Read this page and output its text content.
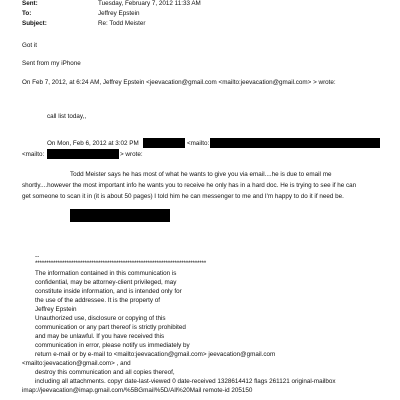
Sent:	Tuesday, February 7, 2012 11:33 AM
To:	Jeffrey Epstein
Subject:	Re: Todd Meister
Got it
Sent from my iPhone
On Feb 7, 2012, at 6:24 AM, Jeffrey Epstein <jeevacation@gmail.com <mailto:jeevacation@gmail.com> > wrote:
call list today,,
On Mon, Feb 6, 2012 at 3:02 PM	<mailto:
<mailto:	> wrote:
Todd Meister says he has most of what he wants to give you via email....he is due to email me
shortly....however the most important info he wants you to receive he only has in a hard doc. He is trying to see if he can
get someone to scan it in (it is about 50 pages) I told him he can messenger to me and I'm happy to do it if need be.
--
****************************************************************************
The information contained in this communication is
confidential, may be attorney-client privileged, may
constitute inside information, and is intended only for
the use of the addressee. It is the property of
Jeffrey Epstein
Unauthorized use, disclosure or copying of this
communication or any part thereof is strictly prohibited
and may be unlawful. If you have received this
communication in error, please notify us immediately by
return e-mail or by e-mail to <mailto:jeevacation@gmail.com> jeevacation@gmail.com
<mailto:jeevacation@gmail.com> , and
destroy this communication and all copies thereof,
including all attachments. copyr date-last-viewed 0 date-received 1328614412 flags 261121 original-mailbox
imap://jeevacation@imap.gmail.com/%5BGmail%5D/All%20Mail remote-id 205150
